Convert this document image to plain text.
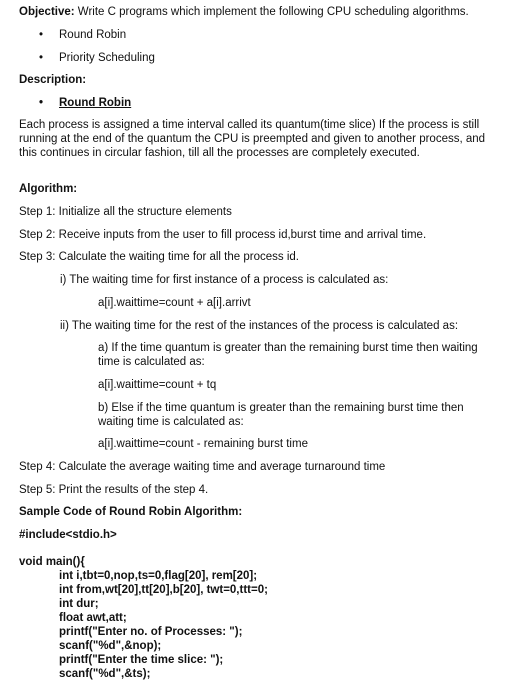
Objective: Write C programs which implement the following CPU scheduling algorithms.
• Round Robin
• Priority Scheduling
Description:
• Round Robin
Each process is assigned a time interval called its quantum(time slice) If the process is still running at the end of the quantum the CPU is preempted and given to another process, and this continues in circular fashion, till all the processes are completely executed.
Algorithm:
Step 1: Initialize all the structure elements
Step 2: Receive inputs from the user to fill process id,burst time and arrival time.
Step 3: Calculate the waiting time for all the process id.
i) The waiting time for first instance of a process is calculated as:
a[i].waittime=count + a[i].arrivt
ii) The waiting time for the rest of the instances of the process is calculated as:
a) If the time quantum is greater than the remaining burst time then waiting time is calculated as:
a[i].waittime=count + tq
b) Else if the time quantum is greater than the remaining burst time then waiting time is calculated as:
a[i].waittime=count - remaining burst time
Step 4: Calculate the average waiting time and average turnaround time
Step 5: Print the results of the step 4.
Sample Code of Round Robin Algorithm:
#include<stdio.h>
void main(){
int i,tbt=0,nop,ts=0,flag[20], rem[20];
int from,wt[20],tt[20],b[20], twt=0,ttt=0;
int dur;
float awt,att;
printf("Enter no. of Processes: ");
scanf("%d",&nop);
printf("Enter the time slice: ");
scanf("%d",&ts);
